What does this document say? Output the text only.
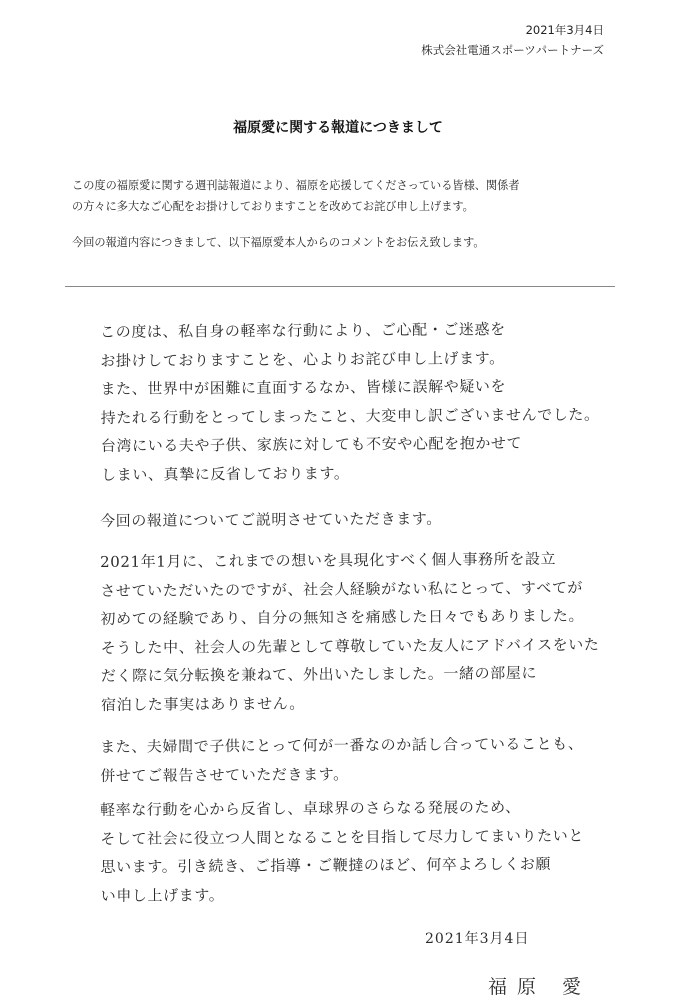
2021年3月4日
株式会社電通スポーツパートナーズ
福原愛に関する報道につきまして
この度の福原愛に関する週刊誌報道により、福原を応援してくださっている皆様、関係者
の方々に多大なご心配をお掛けしておりますことを改めてお詫び申し上げます。
今回の報道内容につきまして、以下福原愛本人からのコメントをお伝え致します。
この度は、私自身の軽率な行動により、ご心配・ご迷惑を
お掛けしておりますことを、心よりお詫び申し上げます。
また、世界中が困難に直面するなか、皆様に誤解や疑いを
持たれる行動をとってしまったこと、大変申し訳ございませんでした。
台湾にいる夫や子供、家族に対しても不安や心配を抱かせて
しまい、真摯に反省しております。
今回の報道についてご説明させていただきます。
2021年1月に、これまでの想いを具現化すべく個人事務所を設立
させていただいたのですが、社会人経験がない私にとって、すべてが
初めての経験であり、自分の無知さを痛感した日々でもありました。
そうした中、社会人の先輩として尊敬していた友人にアドバイスをいた
だく際に気分転換を兼ねて、外出いたしました。一緒の部屋に
宿泊した事実はありません。
また、夫婦間で子供にとって何が一番なのか話し合っていることも、
併せてご報告させていただきます。
軽率な行動を心から反省し、卓球界のさらなる発展のため、
そして社会に役立つ人間となることを目指して尽力してまいりたいと
思います。引き続き、ご指導・ご鞭撻のほど、何卒よろしくお願
い申し上げます。
2021年3月4日
福原 愛
